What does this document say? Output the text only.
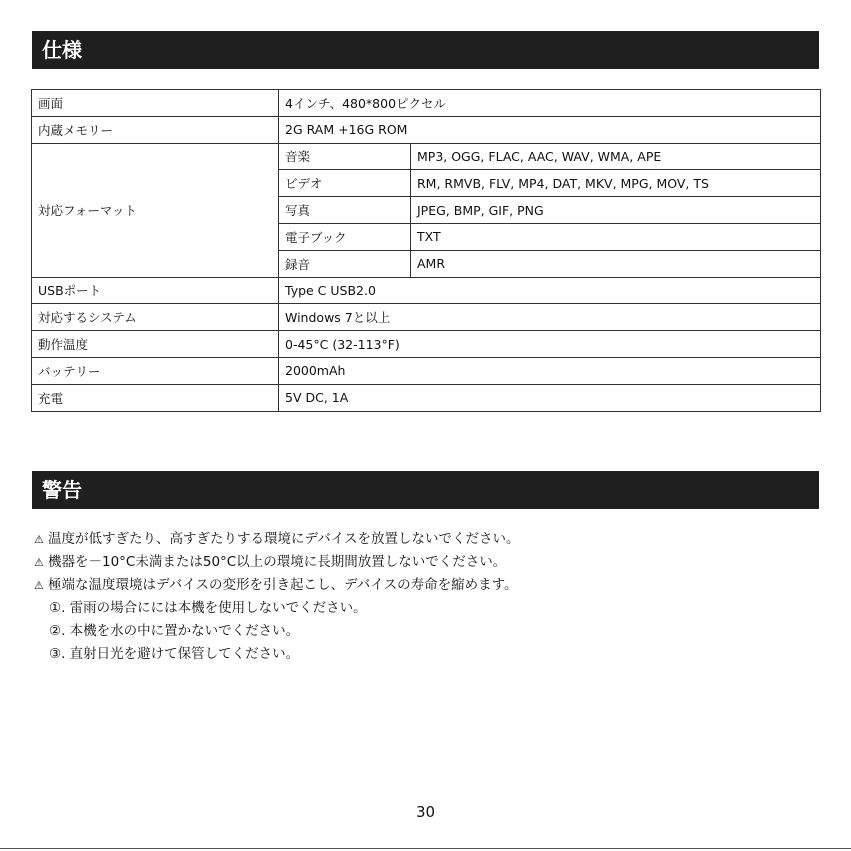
仕様
画面	4インチ、480*800ピクセル	
内蔵メモリー	2G RAM +16G ROM	
対応フォーマット	音楽	MP3, OGG, FLAC, AAC, WAV, WMA, APE
	ビデオ	RM, RMVB, FLV, MP4, DAT, MKV, MPG, MOV, TS
	写真	JPEG, BMP, GIF, PNG
	電子ブック	TXT
	録音	AMR
USBポート	Type C USB2.0	
対応するシステム	Windows 7と以上	
動作温度	0-45°C (32-113°F)	
バッテリー	2000mAh	
充電	5V DC, 1A	
警告
⚠ 温度が低すぎたり、高すぎたりする環境にデバイスを放置しないでください。
⚠ 機器を－10°C未満または50°C以上の環境に長期間放置しないでください。
⚠ 極端な温度環境はデバイスの変形を引き起こし、デバイスの寿命を縮めます。
①. 雷雨の場合にには本機を使用しないでください。
②. 本機を水の中に置かないでください。
③. 直射日光を避けて保管してください。
30
